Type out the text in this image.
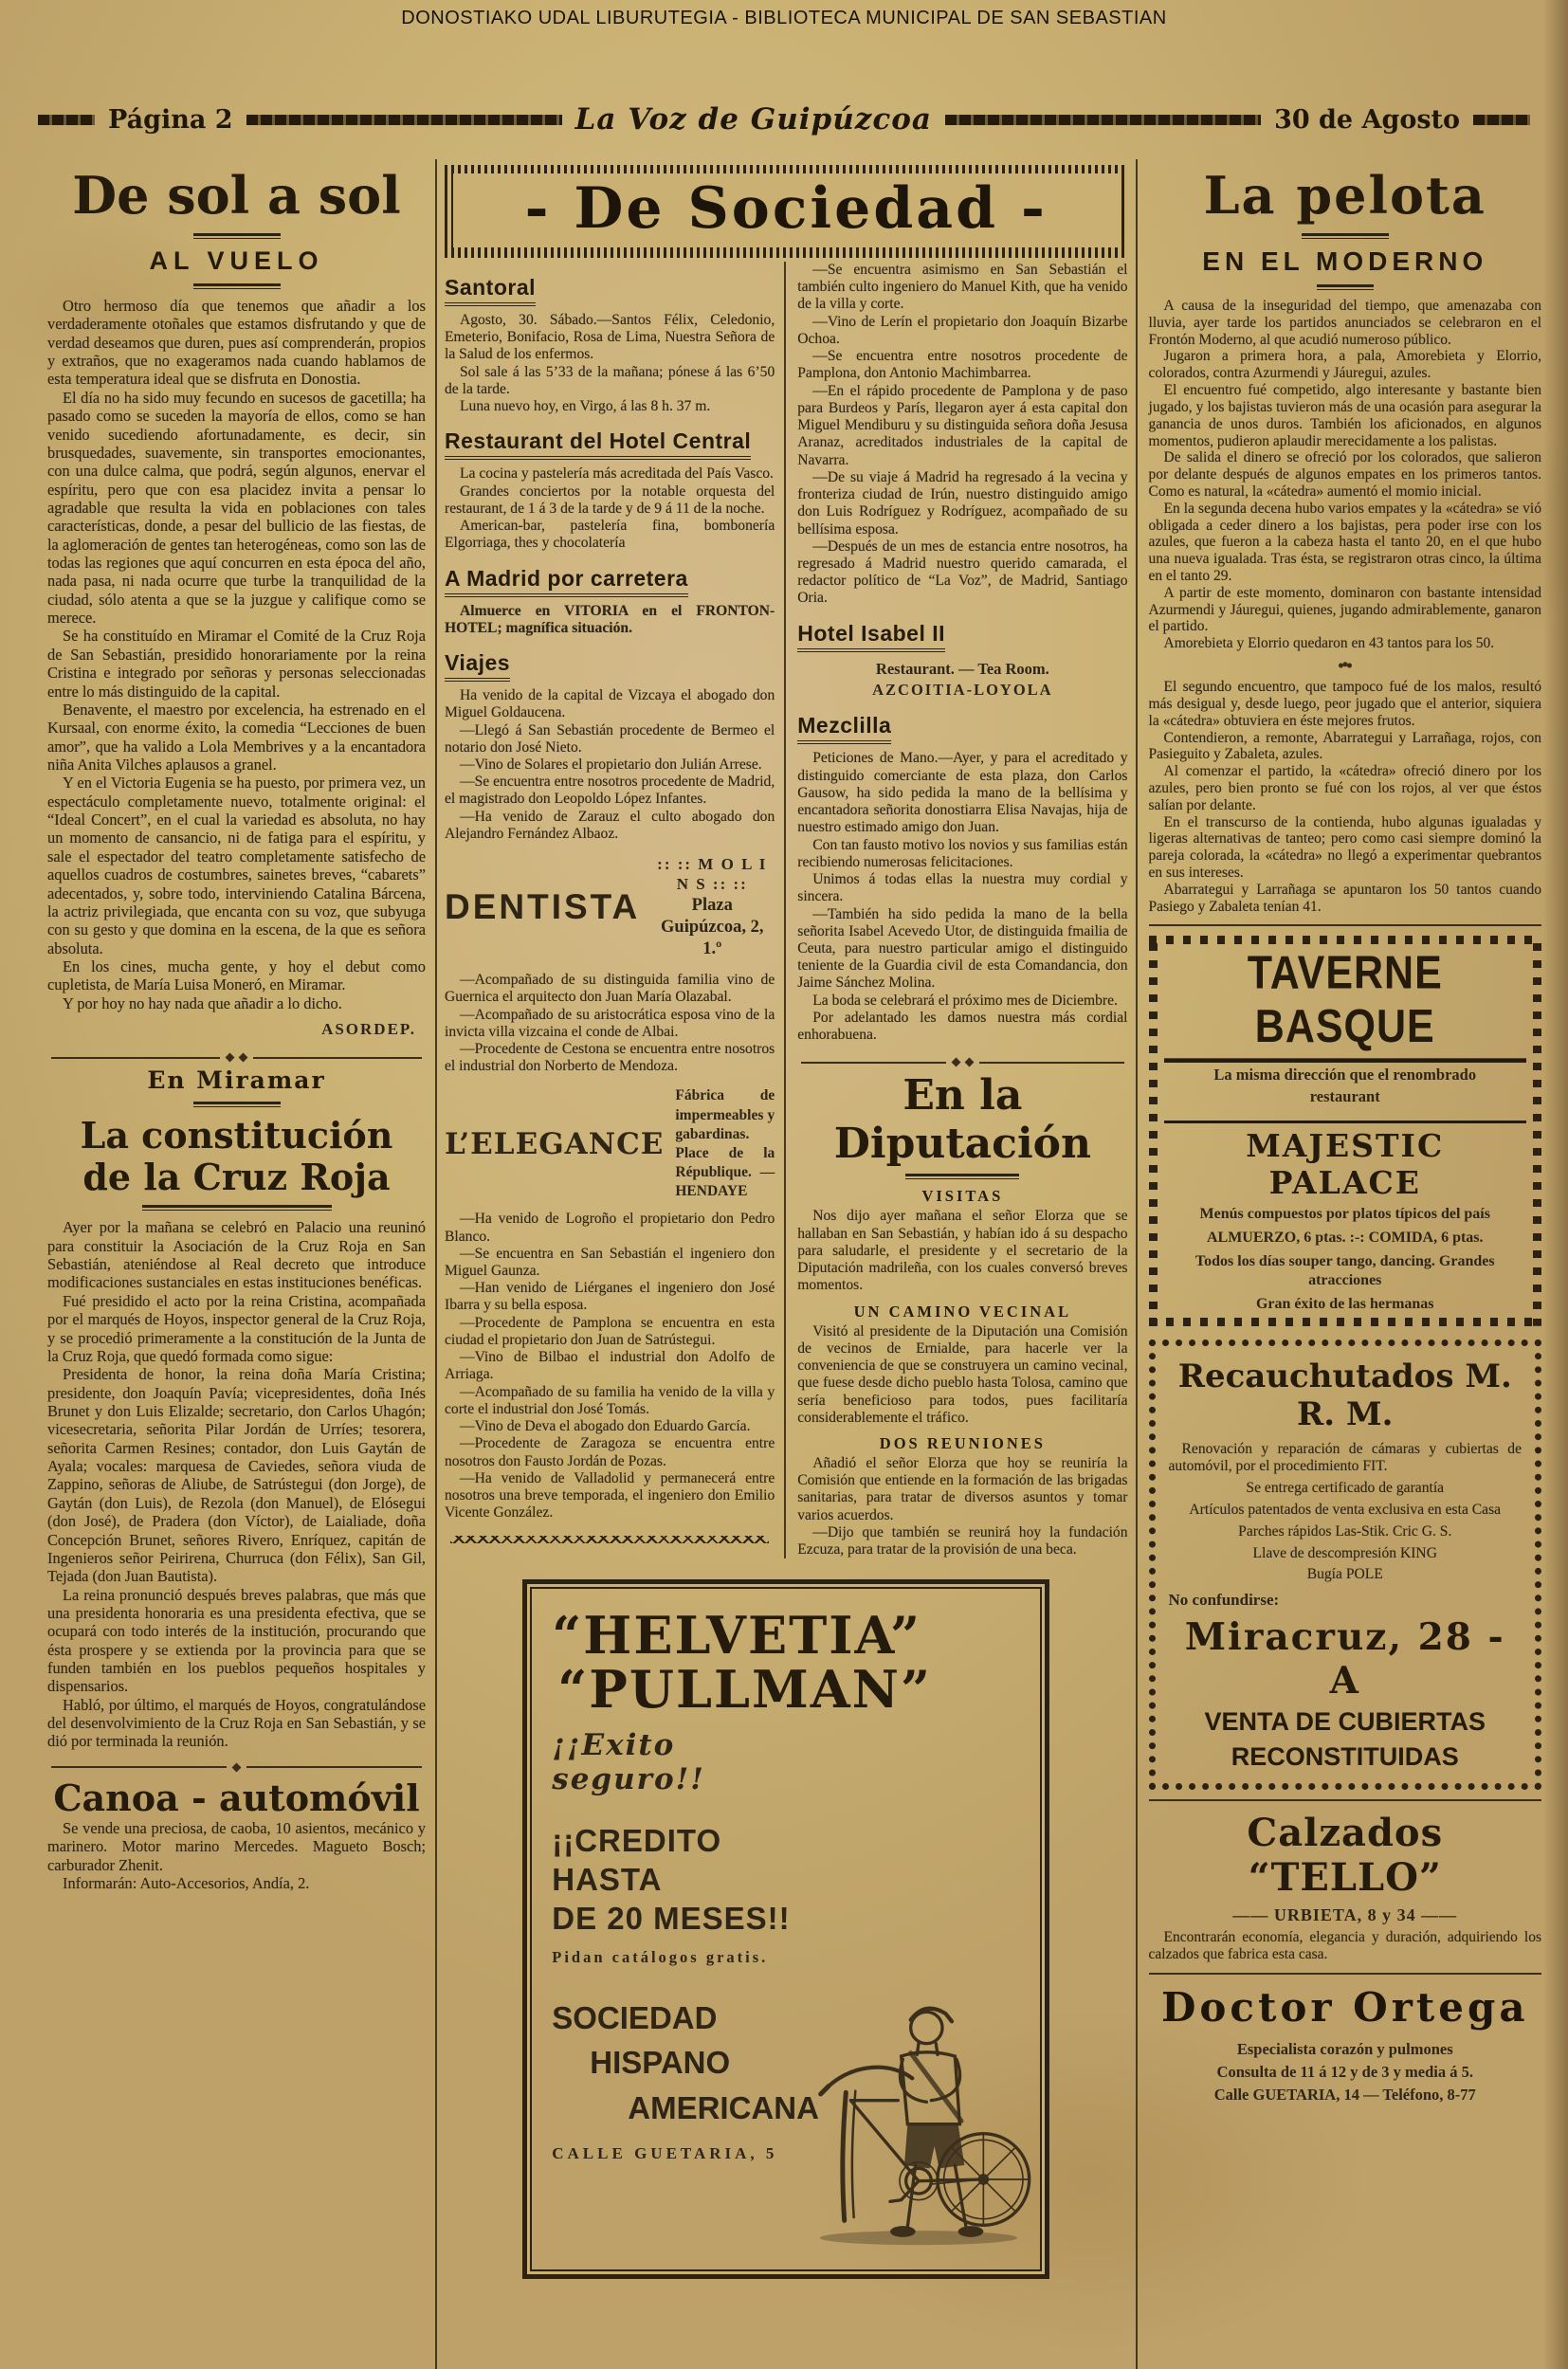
DONOSTIAKO UDAL LIBURUTEGIA - BIBLIOTECA MUNICIPAL DE SAN SEBASTIAN
Página 2	La Voz de Guipúzcoa	30 de Agosto
De sol a sol
AL VUELO

Otro hermoso día que tenemos que añadir a los verdaderamente otoñales que estamos disfrutando y que de verdad deseamos que duren, pues así comprenderán, propios y extraños, que no exageramos nada cuando hablamos de esta temperatura ideal que se disfruta en Donostia.

El día no ha sido muy fecundo en sucesos de gacetilla; ha pasado como se suceden la mayoría de ellos, como se han venido sucediendo afortunadamente, es decir, sin brusquedades, suavemente, sin transportes emocionantes, con una dulce calma, que podrá, según algunos, enervar el espíritu, pero que con esa placidez invita a pensar lo agradable que resulta la vida en poblaciones con tales características, donde, a pesar del bullicio de las fiestas, de la aglomeración de gentes tan heterogéneas, como son las de todas las regiones que aquí concurren en esta época del año, nada pasa, ni nada ocurre que turbe la tranquilidad de la ciudad, sólo atenta a que se la juzgue y califique como se merece.

Se ha constituído en Miramar el Comité de la Cruz Roja de San Sebastián, presidido honorariamente por la reina Cristina e integrado por señoras y personas seleccionadas entre lo más distinguido de la capital.

Benavente, el maestro por excelencia, ha estrenado en el Kursaal, con enorme éxito, la comedia “Lecciones de buen amor”, que ha valido a Lola Membrives y a la encantadora niña Anita Vilches aplausos a granel.

Y en el Victoria Eugenia se ha puesto, por primera vez, un espectáculo completamente nuevo, totalmente original: el “Ideal Concert”, en el cual la variedad es absoluta, no hay un momento de cansancio, ni de fatiga para el espíritu, y sale el espectador del teatro completamente satisfecho de aquellos cuadros de costumbres, sainetes breves, “cabarets” adecentados, y, sobre todo, interviniendo Catalina Bárcena, la actriz privilegiada, que encanta con su voz, que subyuga con su gesto y que domina en la escena, de la que es señora absoluta.

En los cines, mucha gente, y hoy el debut como cupletista, de María Luisa Moneró, en Miramar.

Y por hoy no hay nada que añadir a lo dicho.

ASORDEP.
En Miramar
La constitución de la Cruz Roja

Ayer por la mañana se celebró en Palacio una reuninó para constituir la Asociación de la Cruz Roja en San Sebastián, ateniéndose al Real decreto que introduce modificaciones sustanciales en estas instituciones benéficas.

Fué presidido el acto por la reina Cristina, acompañada por el marqués de Hoyos, inspector general de la Cruz Roja, y se procedió primeramente a la constitución de la Junta de la Cruz Roja, que quedó formada como sigue:

Presidenta de honor, la reina doña María Cristina; presidente, don Joaquín Pavía; vicepresidentes, doña Inés Brunet y don Luis Elizalde; secretario, don Carlos Uhagón; vicesecretaria, señorita Pilar Jordán de Urríes; tesorera, señorita Carmen Resines; contador, don Luis Gaytán de Ayala; vocales: marquesa de Caviedes, señora viuda de Zappino, señoras de Aliube, de Satrústegui (don Jorge), de Gaytán (don Luis), de Rezola (don Manuel), de Elósegui (don José), de Pradera (don Víctor), de Laialiade, doña Concepción Brunet, señores Rivero, Enríquez, capitán de Ingenieros señor Peirirena, Churruca (don Félix), San Gil, Tejada (don Juan Bautista).

La reina pronunció después breves palabras, que más que una presidenta honoraria es una presidenta efectiva, que se ocupará con todo interés de la institución, procurando que ésta prospere y se extienda por la provincia para que se funden también en los pueblos pequeños hospitales y dispensarios.

Habló, por último, el marqués de Hoyos, congratulándose del desenvolvimiento de la Cruz Roja en San Sebastián, y se dió por terminada la reunión.

Canoa - automóvil

Se vende una preciosa, de caoba, 10 asientos, mecánico y marinero. Motor marino Mercedes. Magueto Bosch; carburador Zhenit.

Informarán: Auto-Accesorios, Andía, 2.

- De Sociedad -
Santoral

Agosto, 30. Sábado.—Santos Félix, Celedonio, Emeterio, Bonifacio, Rosa de Lima, Nuestra Señora de la Salud de los enfermos.

Sol sale á las 5’33 de la mañana; pónese á las 6’50 de la tarde.

Luna nuevo hoy, en Virgo, á las 8 h. 37 m.

Restaurant del Hotel Central

La cocina y pastelería más acreditada del País Vasco.

Grandes conciertos por la notable orquesta del restaurant, de 1 á 3 de la tarde y de 9 á 11 de la noche.

American-bar, pastelería fina, bombonería Elgorriaga, thes y chocolatería

A Madrid por carretera

Almuerce en VITORIA en el FRONTON-HOTEL; magnífica situación.

Viajes

Ha venido de la capital de Vizcaya el abogado don Miguel Goldaucena.

—Llegó á San Sebastián procedente de Bermeo el notario don José Nieto.

—Vino de Solares el propietario don Julián Arrese.

—Se encuentra entre nosotros procedente de Madrid, el magistrado don Leopoldo López Infantes.

—Ha venido de Zarauz el culto abogado don Alejandro Fernández Albaoz.

DENTISTA
:: :: M O L I N S :: ::
Plaza Guipúzcoa, 2, 1.º

—Acompañado de su distinguida familia vino de Guernica el arquitecto don Juan María Olazabal.

—Acompañado de su aristocrática esposa vino de la invicta villa vizcaina el conde de Albai.

—Procedente de Cestona se encuentra entre nosotros el industrial don Norberto de Mendoza.

L’ELEGANCE
Fábrica de impermeables y gabardinas. Place de la République. — HENDAYE

—Ha venido de Logroño el propietario don Pedro Blanco.

—Se encuentra en San Sebastián el ingeniero don Miguel Gaunza.

—Han venido de Liérganes el ingeniero don José Ibarra y su bella esposa.

—Procedente de Pamplona se encuentra en esta ciudad el propietario don Juan de Satrústegui.

—Vino de Bilbao el industrial don Adolfo de Arriaga.

—Acompañado de su familia ha venido de la villa y corte el industrial don José Tomás.

—Vino de Deva el abogado don Eduardo García.

—Procedente de Zaragoza se encuentra entre nosotros don Fausto Jordán de Pozas.

—Ha venido de Valladolid y permanecerá entre nosotros una breve temporada, el ingeniero don Emilio Vicente González.

—Se encuentra asimismo en San Sebastián el también culto ingeniero do Manuel Kith, que ha venido de la villa y corte.

—Vino de Lerín el propietario don Joaquín Bizarbe Ochoa.

—Se encuentra entre nosotros procedente de Pamplona, don Antonio Machimbarrea.

—En el rápido procedente de Pamplona y de paso para Burdeos y París, llegaron ayer á esta capital don Miguel Mendiburu y su distinguida señora doña Jesusa Aranaz, acreditados industriales de la capital de Navarra.

—De su viaje á Madrid ha regresado á la vecina y fronteriza ciudad de Irún, nuestro distinguido amigo don Luis Rodríguez y Rodríguez, acompañado de su bellísima esposa.

—Después de un mes de estancia entre nosotros, ha regresado á Madrid nuestro querido camarada, el redactor político de “La Voz”, de Madrid, Santiago Oria.

Hotel Isabel II
Restaurant. — Tea Room.
AZCOITIA-LOYOLA
Mezclilla

Peticiones de Mano.—Ayer, y para el acreditado y distinguido comerciante de esta plaza, don Carlos Gausow, ha sido pedida la mano de la bellísima y encantadora señorita donostiarra Elisa Navajas, hija de nuestro estimado amigo don Juan.

Con tan fausto motivo los novios y sus familias están recibiendo numerosas felicitaciones.

Unimos á todas ellas la nuestra muy cordial y sincera.

—También ha sido pedida la mano de la bella señorita Isabel Acevedo Utor, de distinguida fmailia de Ceuta, para nuestro particular amigo el distinguido teniente de la Guardia civil de esta Comandancia, don Jaime Sánchez Molina.

La boda se celebrará el próximo mes de Diciembre.

Por adelantado les damos nuestra más cordial enhorabuena.

En la Diputación
VISITAS

Nos dijo ayer mañana el señor Elorza que se hallaban en San Sebastián, y habían ido á su despacho para saludarle, el presidente y el secretario de la Diputación madrileña, con los cuales conversó breves momentos.

UN CAMINO VECINAL

Visitó al presidente de la Diputación una Comisión de vecinos de Ernialde, para hacerle ver la conveniencia de que se construyera un camino vecinal, que fuese desde dicho pueblo hasta Tolosa, camino que sería beneficioso para todos, pues facilitaría considerablemente el tráfico.

DOS REUNIONES

Añadió el señor Elorza que hoy se reuniría la Comisión que entiende en la formación de las brigadas sanitarias, para tratar de diversos asuntos y tomar varios acuerdos.

—Dijo que también se reunirá hoy la fundación Ezcuza, para tratar de la provisión de una beca.

“HELVETIA”
“PULLMAN”
¡¡Exito seguro!!
¡¡CREDITO HASTA
DE 20 MESES!!
Pidan catálogos gratis.
SOCIEDAD
HISPANO
AMERICANA
CALLE GUETARIA, 5
La pelota
EN EL MODERNO

A causa de la inseguridad del tiempo, que amenazaba con lluvia, ayer tarde los partidos anunciados se celebraron en el Frontón Moderno, al que acudió numeroso público.

Jugaron a primera hora, a pala, Amorebieta y Elorrio, colorados, contra Azurmendi y Jáuregui, azules.

El encuentro fué competido, algo interesante y bastante bien jugado, y los bajistas tuvieron más de una ocasión para asegurar la ganancia de unos duros. También los aficionados, en algunos momentos, pudieron aplaudir merecidamente a los palistas.

De salida el dinero se ofreció por los colorados, que salieron por delante después de algunos empates en los primeros tantos. Como es natural, la «cátedra» aumentó el momio inicial.

En la segunda decena hubo varios empates y la «cátedra» se vió obligada a ceder dinero a los bajistas, pera poder irse con los azules, que fueron a la cabeza hasta el tanto 20, en el que hubo una nueva igualada. Tras ésta, se registraron otras cinco, la última en el tanto 29.

A partir de este momento, dominaron con bastante intensidad Azurmendi y Jáuregui, quienes, jugando admirablemente, ganaron el partido.

Amorebieta y Elorrio quedaron en 43 tantos para los 50.

El segundo encuentro, que tampoco fué de los malos, resultó más desigual y, desde luego, peor jugado que el anterior, siquiera la «cátedra» obtuviera en éste mejores frutos.

Contendieron, a remonte, Abarrategui y Larrañaga, rojos, con Pasieguito y Zabaleta, azules.

Al comenzar el partido, la «cátedra» ofreció dinero por los azules, pero bien pronto se fué con los rojos, al ver que éstos salían por delante.

En el transcurso de la contienda, hubo algunas igualadas y ligeras alternativas de tanteo; pero como casi siempre dominó la pareja colorada, la «cátedra» no llegó a experimentar quebrantos en sus intereses.

Abarrategui y Larrañaga se apuntaron los 50 tantos cuando Pasiego y Zabaleta tenían 41.

TAVERNE BASQUE
La misma dirección que el renombrado restaurant
MAJESTIC PALACE
Menús compuestos por platos típicos del país
ALMUERZO, 6 ptas. :-: COMIDA, 6 ptas.
Todos los días souper tango, dancing. Grandes atracciones
Gran éxito de las hermanas
Recauchutados M. R. M.

Renovación y reparación de cámaras y cubiertas de automóvil, por el procedimiento FIT.

Se entrega certificado de garantía

Artículos patentados de venta exclusiva en esta Casa

Parches rápidos Las-Stik. Cric G. S.

Llave de descompresión KING

Bugía POLE

No confundirse:
Miracruz, 28 - A
VENTA DE CUBIERTAS
RECONSTITUIDAS
Calzados “TELLO”
—— URBIETA, 8 y 34 ——

Encontrarán economía, elegancia y duración, adquiriendo los calzados que fabrica esta casa.

Doctor Ortega

Especialista corazón y pulmones

Consulta de 11 á 12 y de 3 y media á 5.

Calle GUETARIA, 14 — Teléfono, 8-77
